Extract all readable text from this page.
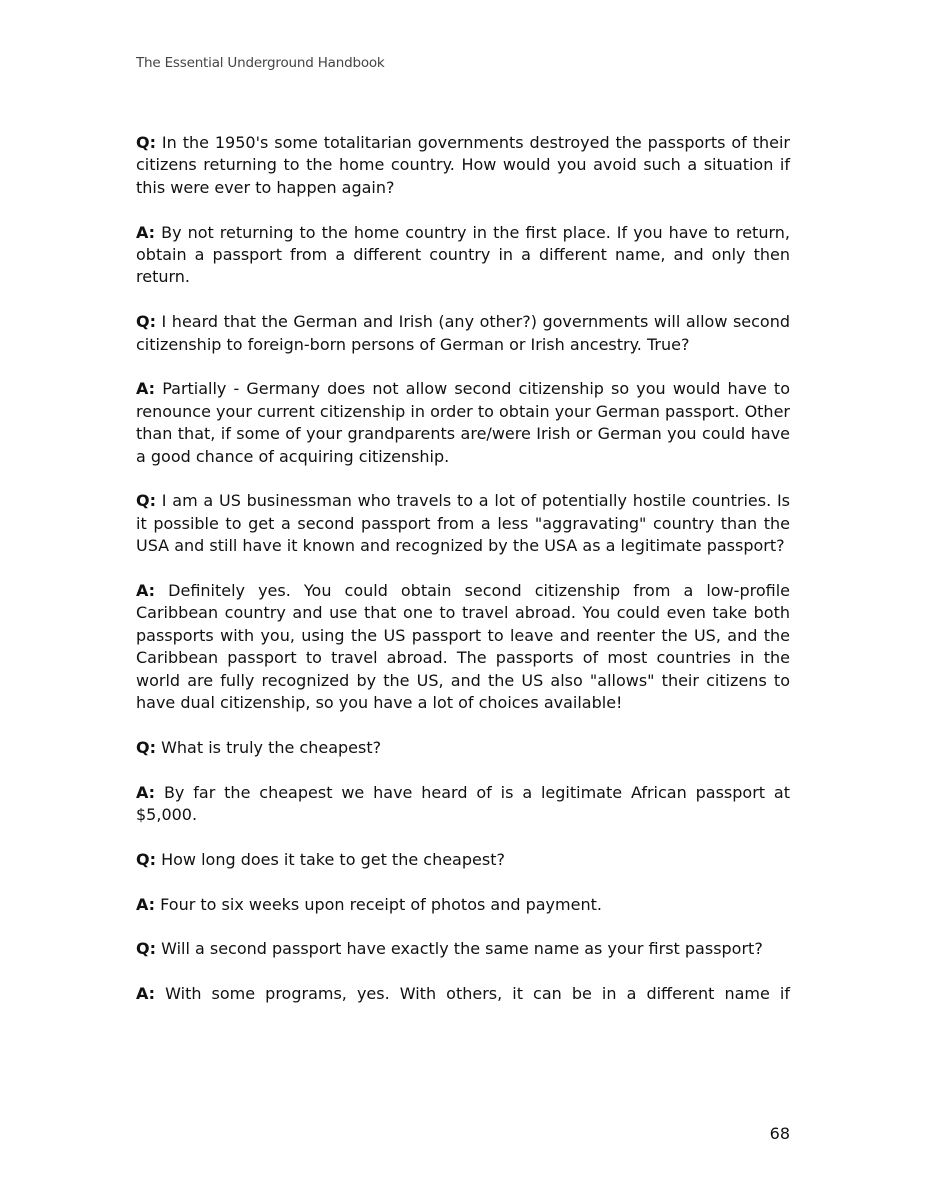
The Essential Underground Handbook

Q: In the 1950's some totalitarian governments destroyed the passports of their citizens returning to the home country. How would you avoid such a situation if this were ever to happen again?

A: By not returning to the home country in the first place. If you have to return, obtain a passport from a different country in a different name, and only then return.

Q: I heard that the German and Irish (any other?) governments will allow second citizenship to foreign-born persons of German or Irish ancestry. True?

A: Partially - Germany does not allow second citizenship so you would have to renounce your current citizenship in order to obtain your German passport. Other than that, if some of your grandparents are/were Irish or German you could have a good chance of acquiring citizenship.

Q: I am a US businessman who travels to a lot of potentially hostile countries. Is it possible to get a second passport from a less "aggravating" country than the USA and still have it known and recognized by the USA as a legitimate passport?

A: Definitely yes. You could obtain second citizenship from a low-profile Caribbean country and use that one to travel abroad. You could even take both passports with you, using the US passport to leave and reenter the US, and the Caribbean passport to travel abroad. The passports of most countries in the world are fully recognized by the US, and the US also "allows" their citizens to have dual citizenship, so you have a lot of choices available!

Q: What is truly the cheapest?

A: By far the cheapest we have heard of is a legitimate African passport at $5,000.

Q: How long does it take to get the cheapest?

A: Four to six weeks upon receipt of photos and payment.

Q: Will a second passport have exactly the same name as your first passport?

A: With some programs, yes. With others, it can be in a different name if

68
